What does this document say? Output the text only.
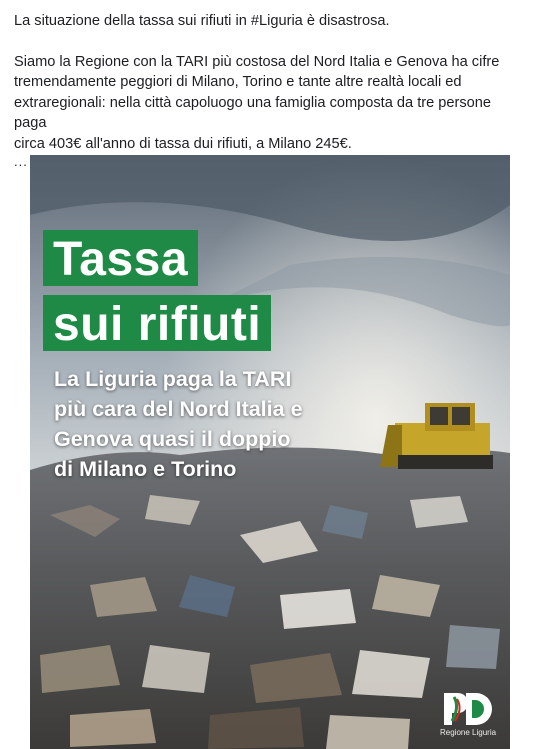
La situazione della tassa sui rifiuti in #Liguria è disastrosa.

Siamo la Regione con la TARI più costosa del Nord Italia e Genova ha cifre

tremendamente peggiori di Milano, Torino e tante altre realtà locali ed

extraregionali: nella città capoluogo una famiglia composta da tre persone paga

circa 403€ all'anno di tassa dui rifiuti, a Milano 245€.

...
Tassa
sui rifiuti
La Liguria paga la TARI
più cara del Nord Italia e
Genova quasi il doppio
di Milano e Torino
Regione Liguria
